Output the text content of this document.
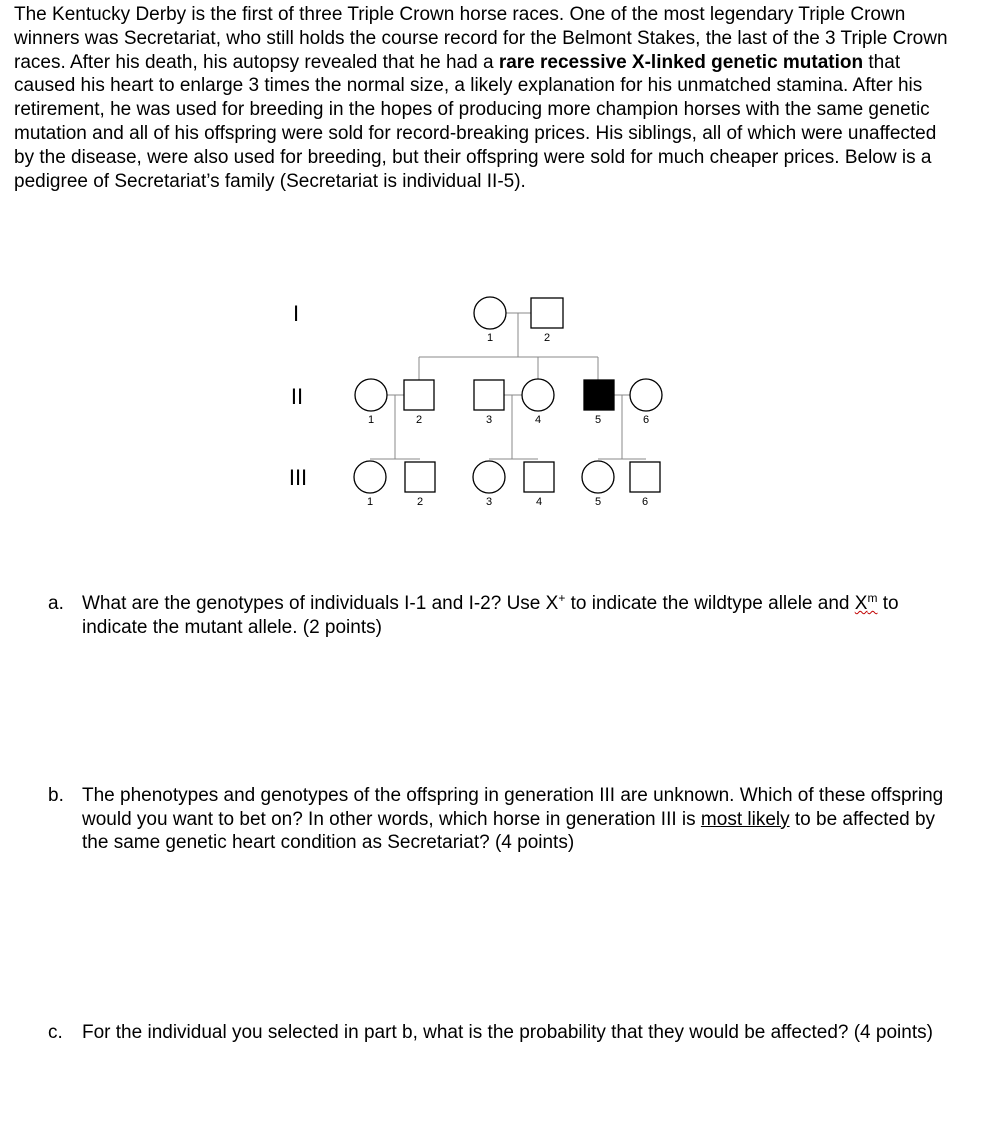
The Kentucky Derby is the first of three Triple Crown horse races. One of the most legendary Triple Crown winners was Secretariat, who still holds the course record for the Belmont Stakes, the last of the 3 Triple Crown races. After his death, his autopsy revealed that he had a rare recessive X-linked genetic mutation that caused his heart to enlarge 3 times the normal size, a likely explanation for his unmatched stamina. After his retirement, he was used for breeding in the hopes of producing more champion horses with the same genetic mutation and all of his offspring were sold for record-breaking prices. His siblings, all of which were unaffected by the disease, were also used for breeding, but their offspring were sold for much cheaper prices. Below is a pedigree of Secretariat’s family (Secretariat is individual II-5).

I
II
III
1	2
1	2	3	4	5	6
1	2	3	4	5	6
a. What are the genotypes of individuals I-1 and I-2? Use X+ to indicate the wildtype allele and $X^m$ to indicate the mutant allele. (2 points)
b. The phenotypes and genotypes of the offspring in generation III are unknown. Which of these offspring would you want to bet on? In other words, which horse in generation III is most likely to be affected by the same genetic heart condition as Secretariat? (4 points)
c. For the individual you selected in part b, what is the probability that they would be affected? (4 points)
